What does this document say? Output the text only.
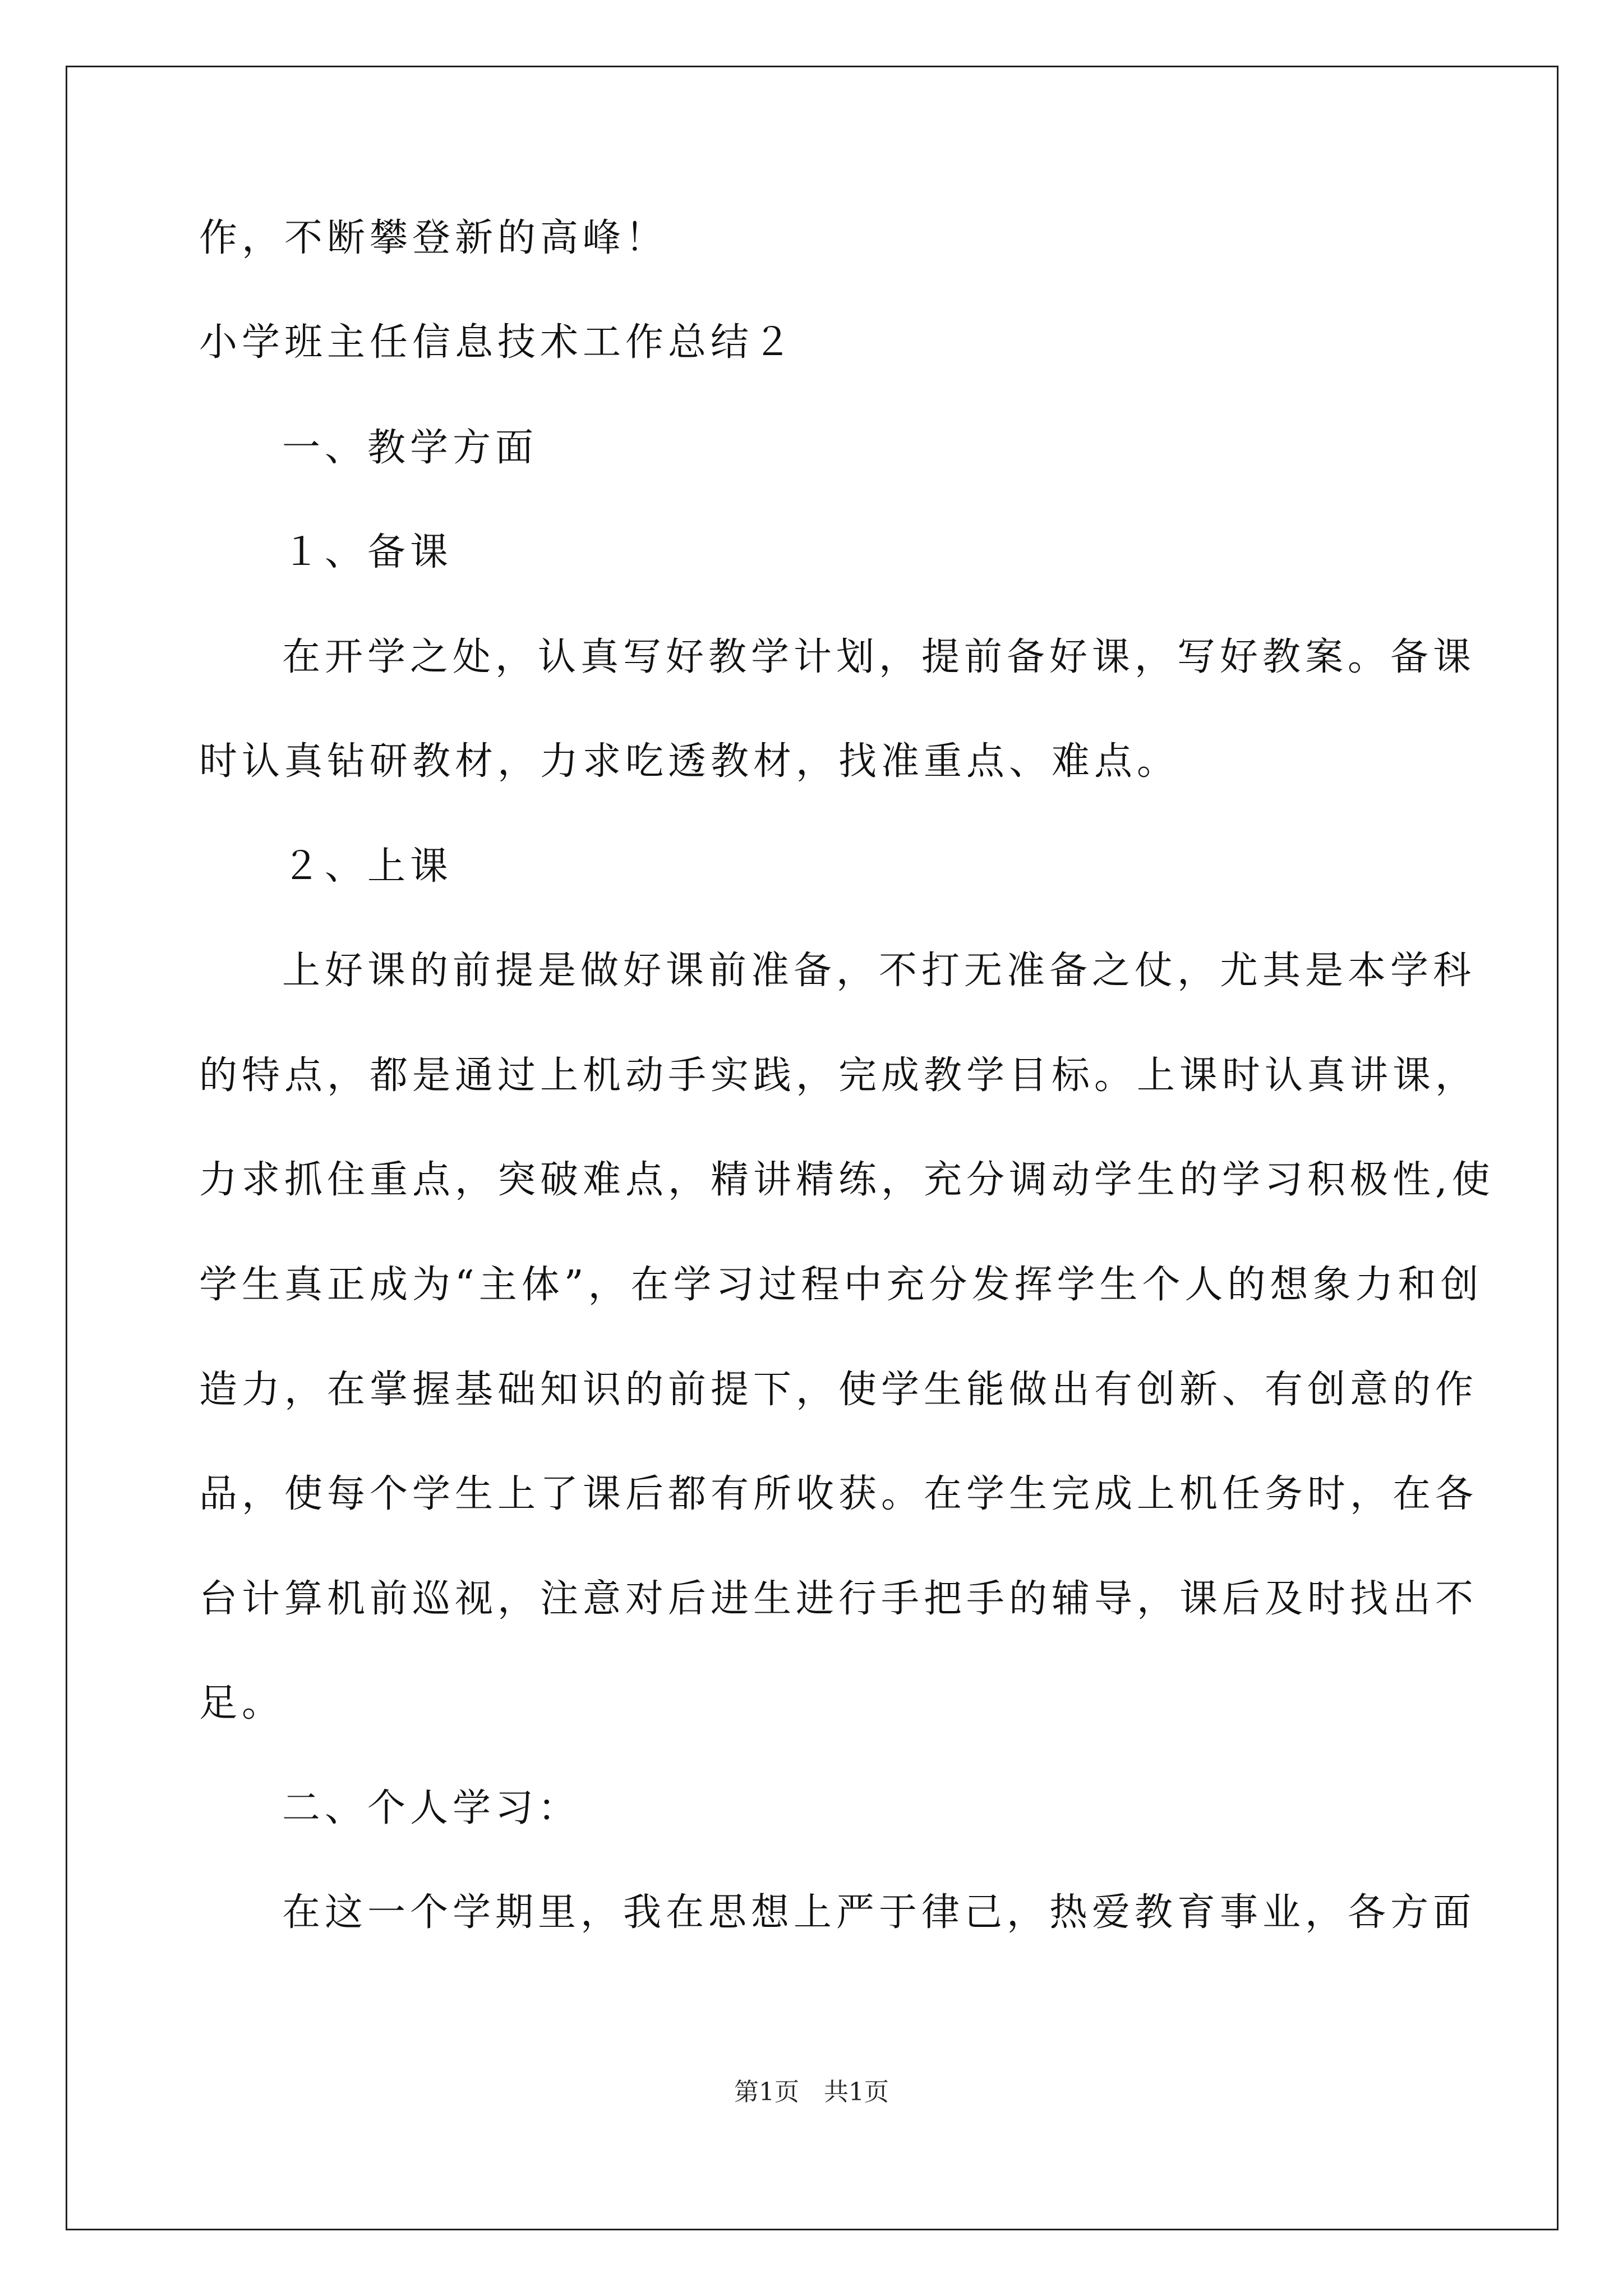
作，不断攀登新的高峰！
小学班主任信息技术工作总结２
一、教学方面
１、备课
在开学之处，认真写好教学计划，提前备好课，写好教案。备课
时认真钻研教材，力求吃透教材，找准重点、难点。
２、上课
上好课的前提是做好课前准备，不打无准备之仗，尤其是本学科
的特点，都是通过上机动手实践，完成教学目标。上课时认真讲课，
力求抓住重点，突破难点，精讲精练，充分调动学生的学习积极性,使
学生真正成为“主体”，在学习过程中充分发挥学生个人的想象力和创
造力，在掌握基础知识的前提下，使学生能做出有创新、有创意的作
品，使每个学生上了课后都有所收获。在学生完成上机任务时，在各
台计算机前巡视，注意对后进生进行手把手的辅导，课后及时找出不
足。
二、个人学习：
在这一个学期里，我在思想上严于律己，热爱教育事业，各方面
第1页　共1页
